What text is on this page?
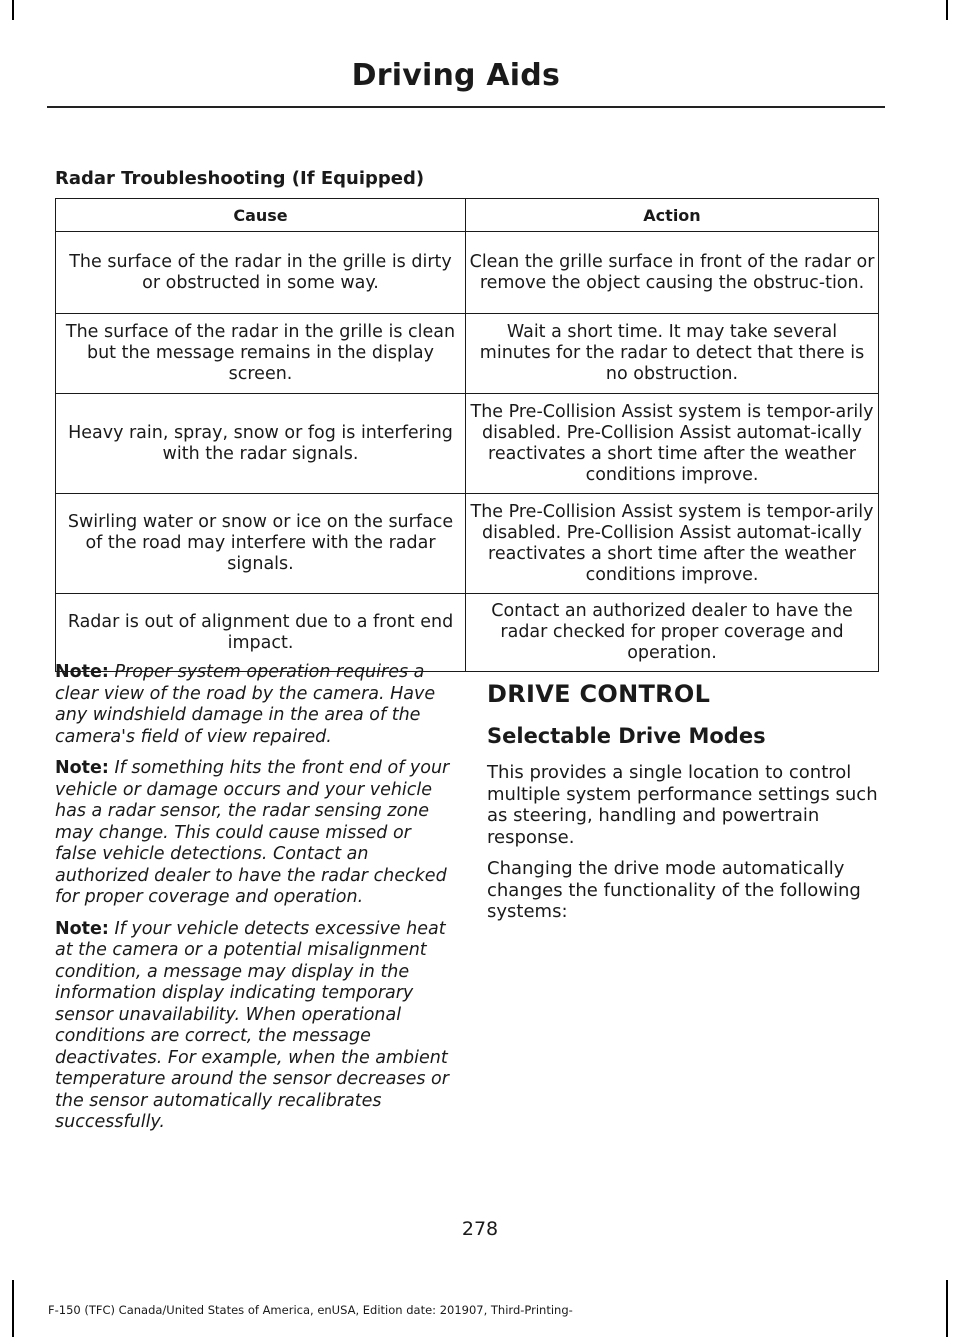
Driving Aids
Radar Troubleshooting (If Equipped)
Cause	Action
The surface of the radar in the grille is dirty or obstructed in some way.	Clean the grille surface in front of the radar or remove the object causing the obstruc-tion.
The surface of the radar in the grille is clean but the message remains in the display screen.	Wait a short time. It may take several minutes for the radar to detect that there is no obstruction.
Heavy rain, spray, snow or fog is interfering with the radar signals.	The Pre-Collision Assist system is tempor-arily disabled. Pre-Collision Assist automat-ically reactivates a short time after the weather conditions improve.
Swirling water or snow or ice on the surface of the road may interfere with the radar signals.	The Pre-Collision Assist system is tempor-arily disabled. Pre-Collision Assist automat-ically reactivates a short time after the weather conditions improve.
Radar is out of alignment due to a front end impact.	Contact an authorized dealer to have the radar checked for proper coverage and operation.

Note: Proper system operation requires a clear view of the road by the camera. Have any windshield damage in the area of the camera's field of view repaired.

Note: If something hits the front end of your vehicle or damage occurs and your vehicle has a radar sensor, the radar sensing zone may change. This could cause missed or false vehicle detections. Contact an authorized dealer to have the radar checked for proper coverage and operation.

Note: If your vehicle detects excessive heat at the camera or a potential misalignment condition, a message may display in the information display indicating temporary sensor unavailability. When operational conditions are correct, the message deactivates. For example, when the ambient temperature around the sensor decreases or the sensor automatically recalibrates successfully.

DRIVE CONTROL
Selectable Drive Modes

This provides a single location to control multiple system performance settings such as steering, handling and powertrain response.

Changing the drive mode automatically changes the functionality of the following systems:

278
F-150 (TFC) Canada/United States of America, enUSA, Edition date: 201907, Third-Printing-
